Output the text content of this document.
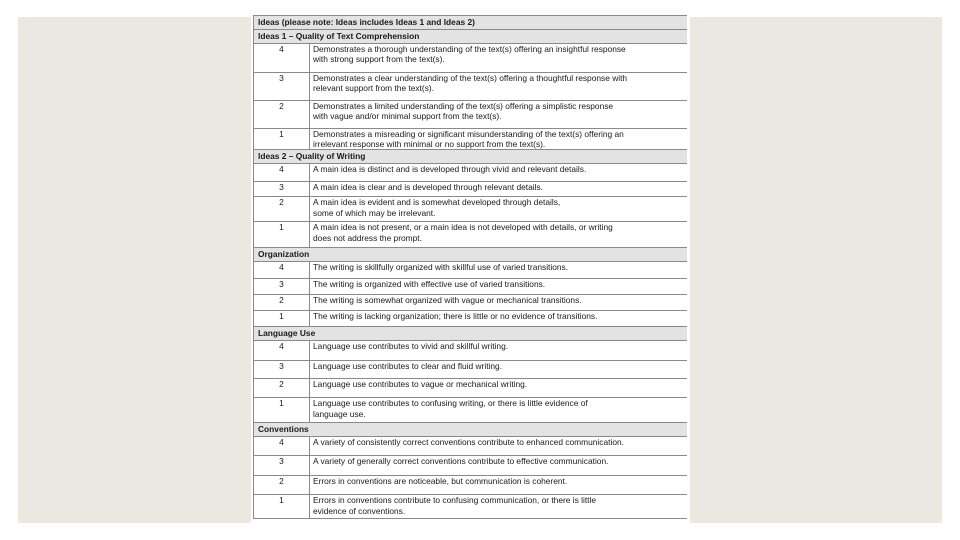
Ideas (please note: Ideas includes Ideas 1 and Ideas 2)	
Ideas 1 – Quality of Text Comprehension	
4	Demonstrates a thorough understanding of the text(s) offering an insightful response
with strong support from the text(s).
3	Demonstrates a clear understanding of the text(s) offering a thoughtful response with
relevant support from the text(s).
2	Demonstrates a limited understanding of the text(s) offering a simplistic response
with vague and/or minimal support from the text(s).
1	Demonstrates a misreading or significant misunderstanding of the text(s) offering an
irrelevant response with minimal or no support from the text(s).
Ideas 2 – Quality of Writing	
4	A main idea is distinct and is developed through vivid and relevant details.
3	A main idea is clear and is developed through relevant details.
2	A main idea is evident and is somewhat developed through details,
some of which may be irrelevant.
1	A main idea is not present, or a main idea is not developed with details, or writing
does not address the prompt.
Organization	
4	The writing is skillfully organized with skillful use of varied transitions.
3	The writing is organized with effective use of varied transitions.
2	The writing is somewhat organized with vague or mechanical transitions.
1	The writing is lacking organization; there is little or no evidence of transitions.
Language Use	
4	Language use contributes to vivid and skillful writing.
3	Language use contributes to clear and fluid writing.
2	Language use contributes to vague or mechanical writing.
1	Language use contributes to confusing writing, or there is little evidence of
language use.
Conventions	
4	A variety of consistently correct conventions contribute to enhanced communication.
3	A variety of generally correct conventions contribute to effective communication.
2	Errors in conventions are noticeable, but communication is coherent.
1	Errors in conventions contribute to confusing communication, or there is little
evidence of conventions.
